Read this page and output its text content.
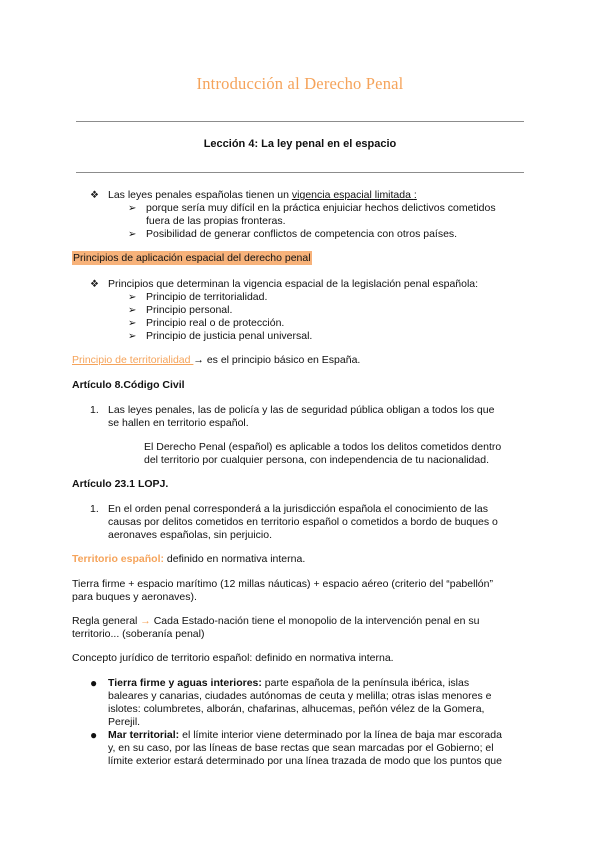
Introducción al Derecho Penal
Lección 4: La ley penal en el espacio
❖ Las leyes penales españolas tienen un vigencia espacial limitada :
➢ porque sería muy difícil en la práctica enjuiciar hechos delictivos cometidos
fuera de las propias fronteras.
➢ Posibilidad de generar conflictos de competencia con otros países.
Principios de aplicación espacial del derecho penal
❖ Principios que determinan la vigencia espacial de la legislación penal española:
➢ Principio de territorialidad.
➢ Principio personal.
➢ Principio real o de protección.
➢ Principio de justicia penal universal.
Principio de territorialidad → es el principio básico en España.
Artículo 8.Código Civil
1. Las leyes penales, las de policía y las de seguridad pública obligan a todos los que
se hallen en territorio español.
El Derecho Penal (español) es aplicable a todos los delitos cometidos dentro
del territorio por cualquier persona, con independencia de tu nacionalidad.
Artículo 23.1 LOPJ.
1. En el orden penal corresponderá a la jurisdicción española el conocimiento de las
causas por delitos cometidos en territorio español o cometidos a bordo de buques o
aeronaves españolas, sin perjuicio.
Territorio español: definido en normativa interna.
Tierra firme + espacio marítimo (12 millas náuticas) + espacio aéreo (criterio del “pabellón”
para buques y aeronaves).
Regla general → Cada Estado-nación tiene el monopolio de la intervención penal en su
territorio... (soberanía penal)
Concepto jurídico de territorio español: definido en normativa interna.
● Tierra firme y aguas interiores: parte española de la península ibérica, islas
baleares y canarias, ciudades autónomas de ceuta y melilla; otras islas menores e
islotes: columbretes, alborán, chafarinas, alhucemas, peñón vélez de la Gomera,
Perejil.
● Mar territorial: el límite interior viene determinado por la línea de baja mar escorada
y, en su caso, por las líneas de base rectas que sean marcadas por el Gobierno; el
límite exterior estará determinado por una línea trazada de modo que los puntos que
